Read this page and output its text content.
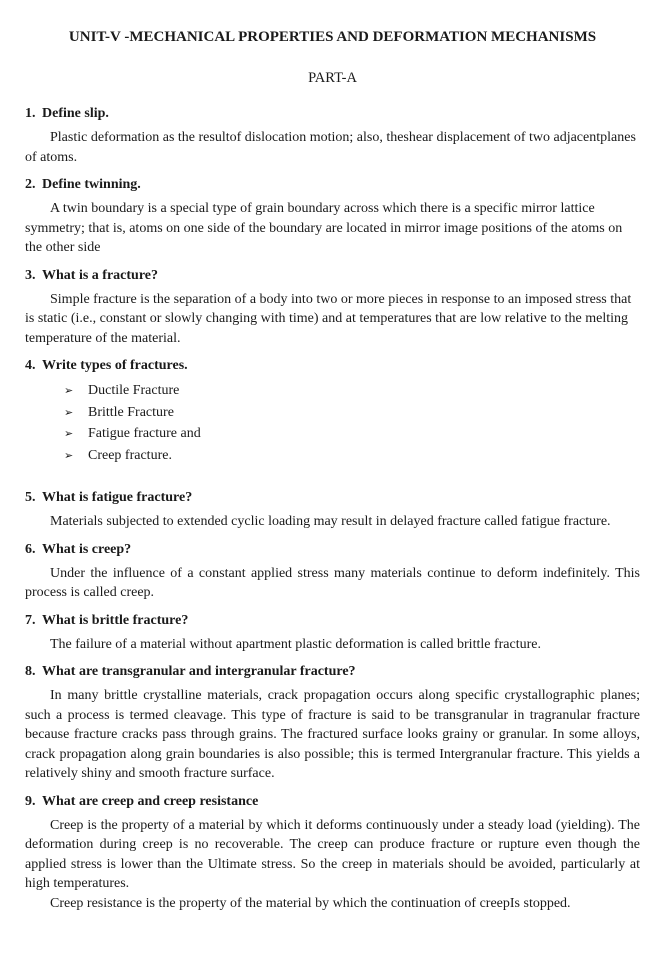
UNIT-V -MECHANICAL PROPERTIES AND DEFORMATION MECHANISMS
PART-A
1. Define slip.

Plastic deformation as the resultof dislocation motion; also, theshear displacement of two adjacentplanes of atoms.

2. Define twinning.

A twin boundary is a special type of grain boundary across which there is a specific mirror lattice symmetry; that is, atoms on one side of the boundary are located in mirror image positions of the atoms on the other side

3. What is a fracture?

Simple fracture is the separation of a body into two or more pieces in response to an imposed stress that is static (i.e., constant or slowly changing with time) and at temperatures that are low relative to the melting temperature of the material.

4. Write types of fractures.
➢	Ductile Fracture
➢	Brittle Fracture
➢	Fatigue fracture and
➢	Creep fracture.
5. What is fatigue fracture?

Materials subjected to extended cyclic loading may result in delayed fracture called fatigue fracture.

6. What is creep?

Under the influence of a constant applied stress many materials continue to deform indefinitely. This process is called creep.

7. What is brittle fracture?

The failure of a material without apartment plastic deformation is called brittle fracture.

8. What are transgranular and intergranular fracture?

In many brittle crystalline materials, crack propagation occurs along specific crystallographic planes; such a process is termed cleavage. This type of fracture is said to be transgranular in tragranular fracture because fracture cracks pass through grains. The fractured surface looks grainy or granular. In some alloys, crack propagation along grain boundaries is also possible; this is termed Intergranular fracture. This yields a relatively shiny and smooth fracture surface.

9. What are creep and creep resistance

Creep is the property of a material by which it deforms continuously under a steady load (yielding). The deformation during creep is no recoverable. The creep can produce fracture or rupture even though the applied stress is lower than the Ultimate stress. So the creep in materials should be avoided, particularly at high temperatures.

Creep resistance is the property of the material by which the continuation of creepIs stopped.
